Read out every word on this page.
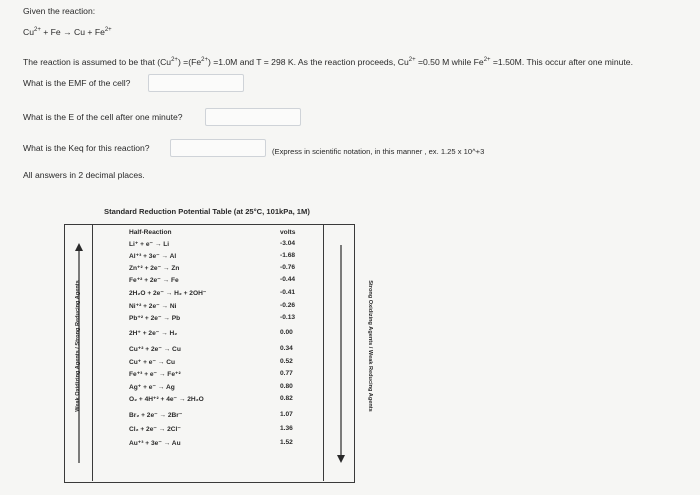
Given the reaction:
$Cu^{2+} + Fe \to Cu + Fe^{2+}$
The reaction is assumed to be that $(Cu^{2+}) =(Fe^{2+}) =1.0M$ and T = 298 K. As the reaction proceeds, $Cu^{2+} =0.50$ M while $Fe^{2+} =1.50M$. This occur after one minute.
What is the EMF of the cell?
What is the E of the cell after one minute?
What is the Keq for this reaction?	(Express in scientific notation, in this manner , ex. 1.25 x 10^+3
All answers in 2 decimal places.
Standard Reduction Potential Table (at 25°C, 101kPa, 1M)
Weak Oxidizing Agents / Strong Reducing Agents	Strong Oxidizing Agents / Weak Reducing Agents
Half-Reaction	volts
Li⁺ + e⁻ → Li	-3.04
Al⁺³ + 3e⁻ → Al	-1.68
Zn⁺² + 2e⁻ → Zn	-0.76
Fe⁺² + 2e⁻ → Fe	-0.44
2H₂O + 2e⁻ → H₂ + 2OH⁻	-0.41
Ni⁺² + 2e⁻ → Ni	-0.26
Pb⁺² + 2e⁻ → Pb	-0.13
2H⁺ + 2e⁻ → H₂	0.00
Cu⁺² + 2e⁻ → Cu	0.34
Cu⁺ + e⁻ → Cu	0.52
Fe⁺³ + e⁻ → Fe⁺²	0.77
Ag⁺ + e⁻ → Ag	0.80
O₂ + 4H⁺² + 4e⁻ → 2H₂O	0.82
Br₂ + 2e⁻ → 2Br⁻	1.07
Cl₂ + 2e⁻ → 2Cl⁻	1.36
Au⁺³ + 3e⁻ → Au	1.52
